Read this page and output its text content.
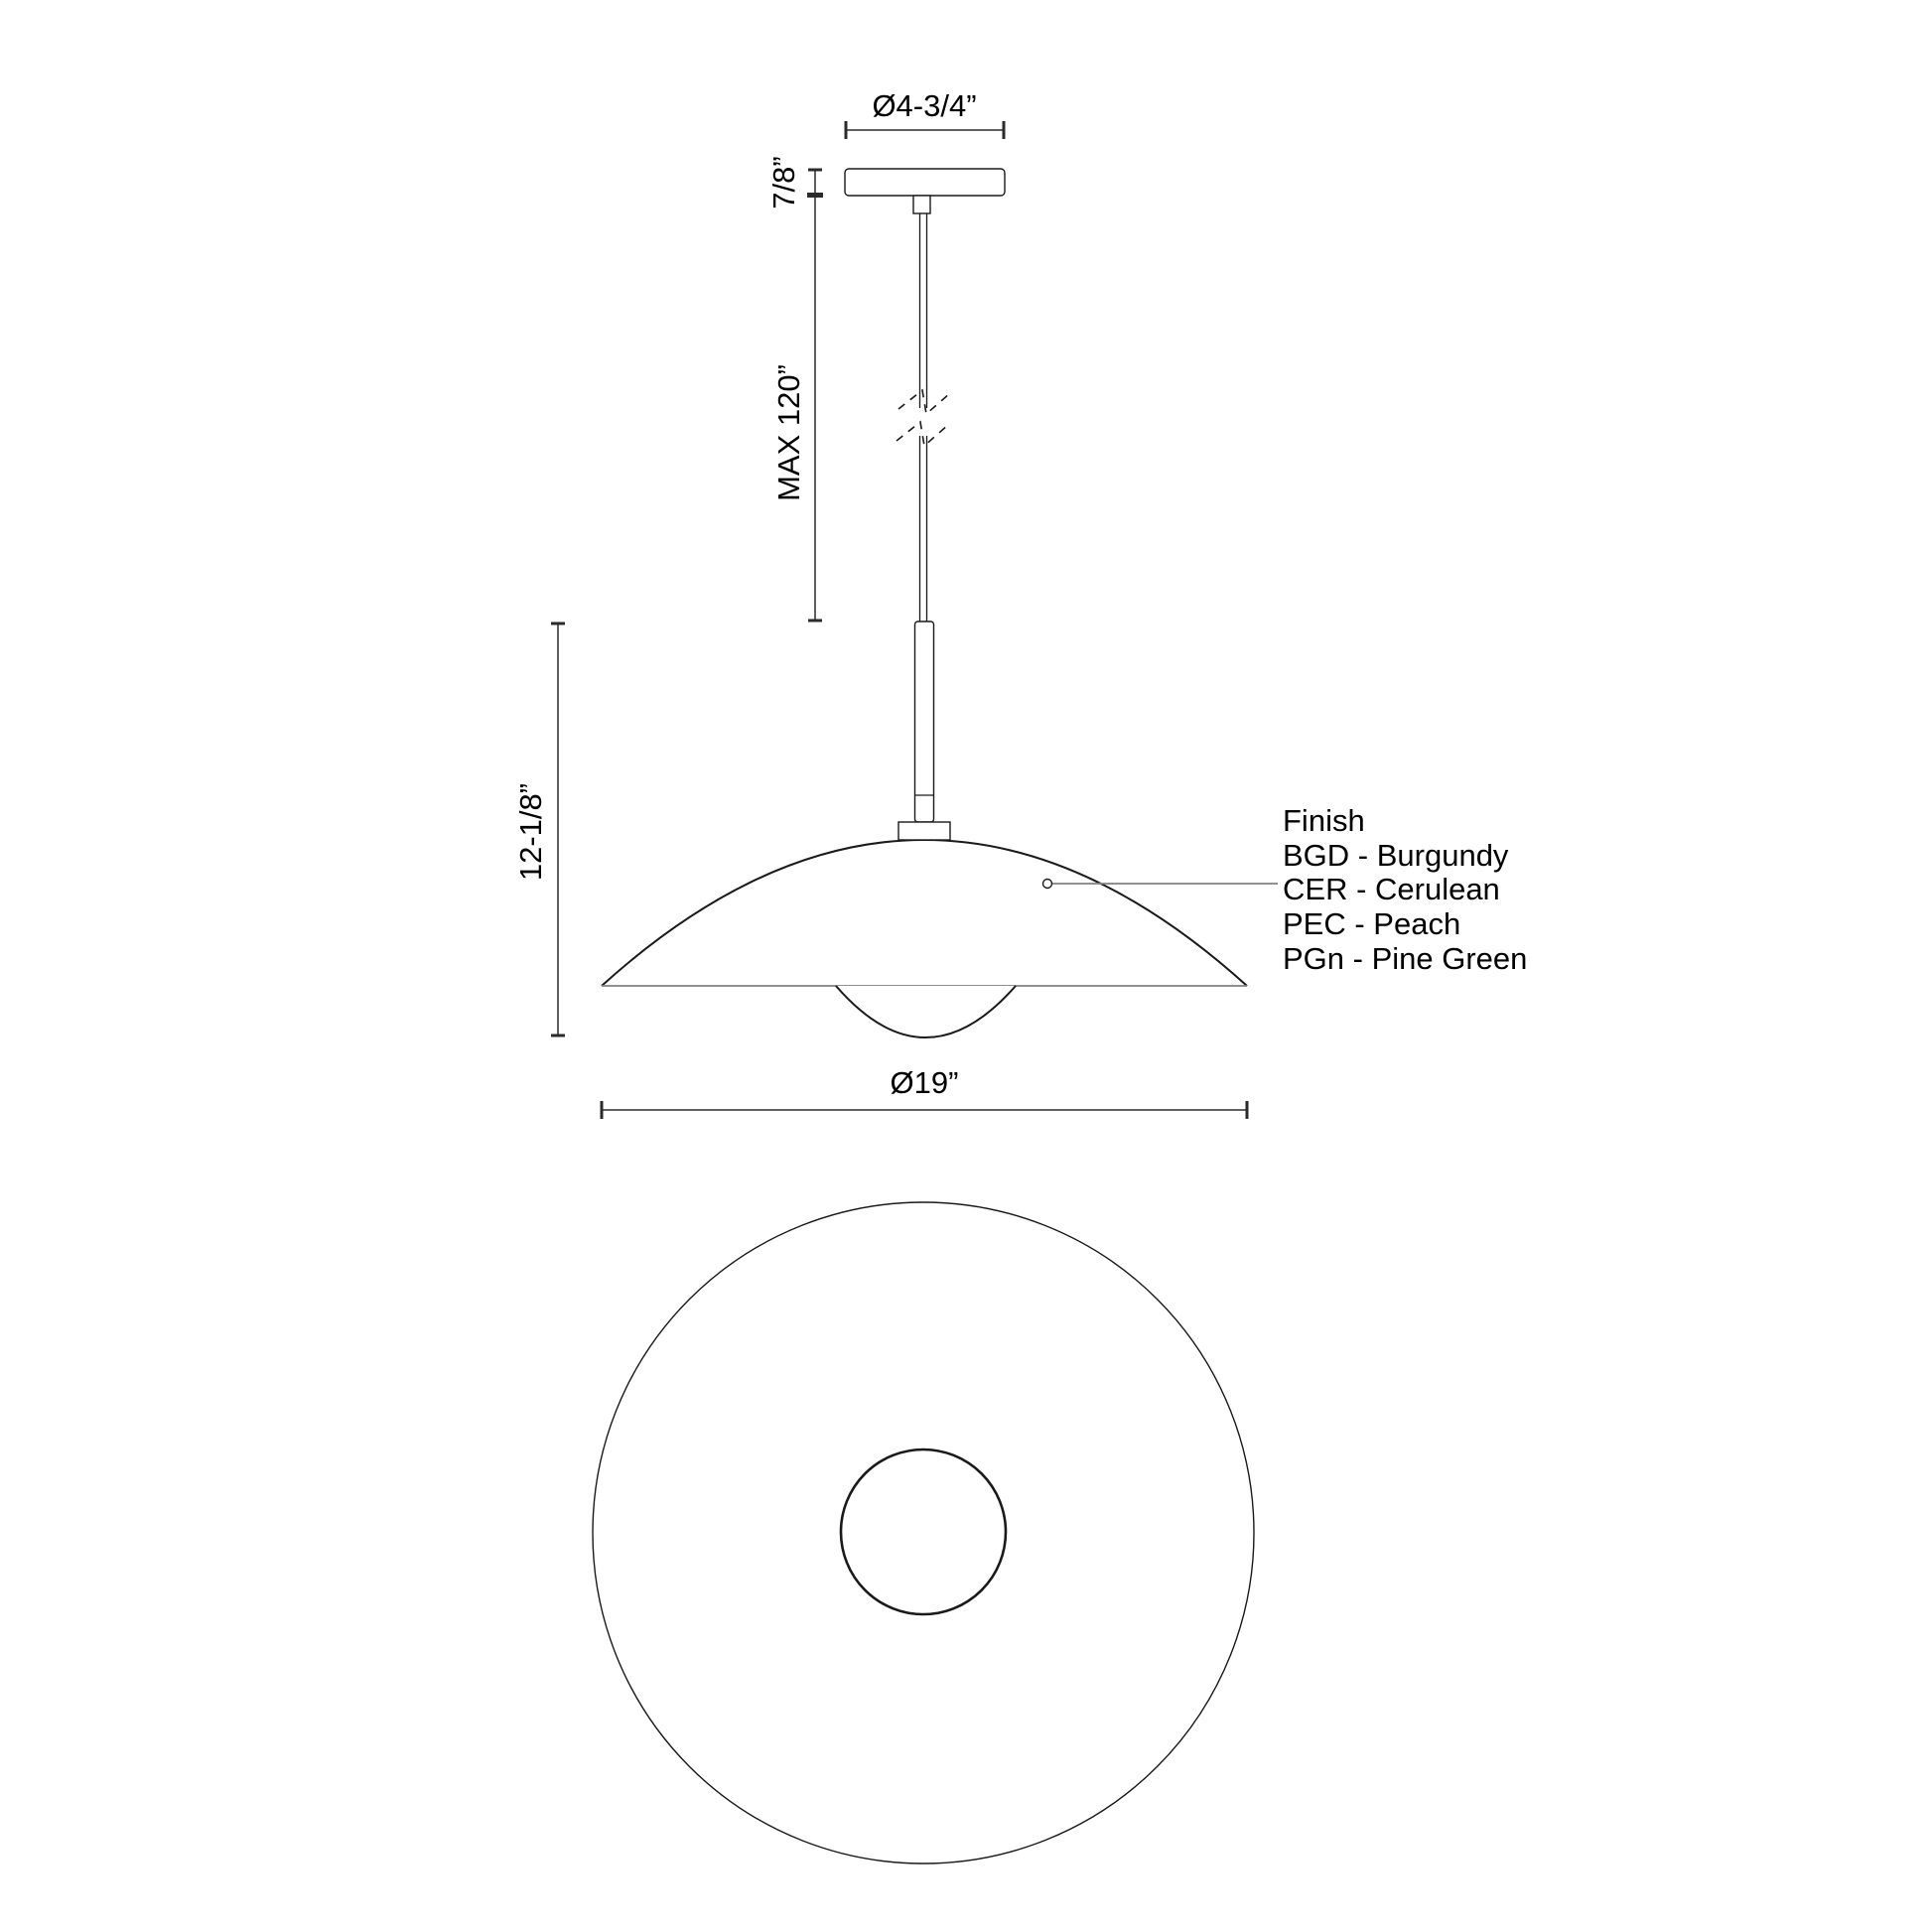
Ø4-3/4”
7/8”
MAX 120”
12-1/8”
Ø19”
Finish
BGD - Burgundy
CER - Cerulean
PEC - Peach
PGn - Pine Green
